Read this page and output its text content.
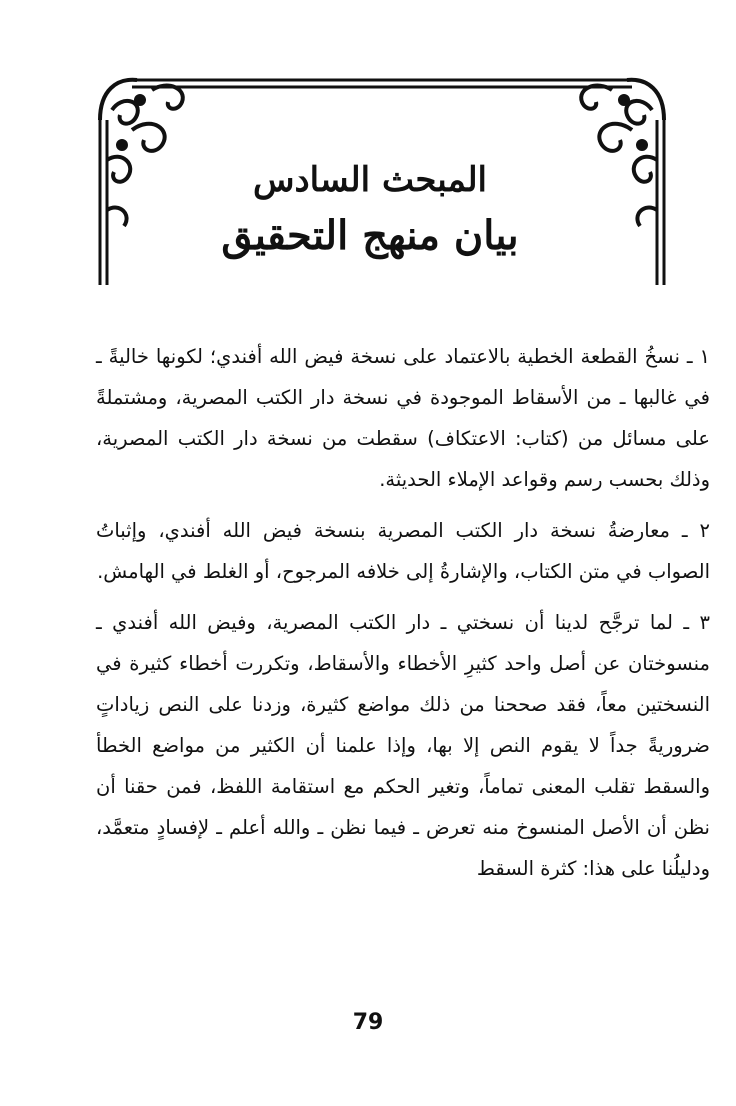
المبحث السادس
بيان منهج التحقيق

١ ـ نسخُ القطعة الخطية بالاعتماد على نسخة فيض الله أفندي؛ لكونها خاليةً ـ في غالبها ـ من الأسقاط الموجودة في نسخة دار الكتب المصرية، ومشتملةً على مسائل من (كتاب: الاعتكاف) سقطت من نسخة دار الكتب المصرية، وذلك بحسب رسم وقواعد الإملاء الحديثة.

٢ ـ معارضةُ نسخة دار الكتب المصرية بنسخة فيض الله أفندي، وإثباتُ الصواب في متن الكتاب، والإشارةُ إلى خلافه المرجوح، أو الغلط في الهامش.

٣ ـ لما ترجَّح لدينا أن نسختي ـ دار الكتب المصرية، وفيض الله أفندي ـ منسوختان عن أصل واحد كثيرِ الأخطاء والأسقاط، وتكررت أخطاء كثيرة في النسختين معاً، فقد صححنا من ذلك مواضع كثيرة، وزدنا على النص زياداتٍ ضروريةً جداً لا يقوم النص إلا بها، وإذا علمنا أن الكثير من مواضع الخطأ والسقط تقلب المعنى تماماً، وتغير الحكم مع استقامة اللفظ، فمن حقنا أن نظن أن الأصل المنسوخ منه تعرض ـ فيما نظن ـ والله أعلم ـ لإفسادٍ متعمَّد، ودليلُنا على هذا: كثرة السقط

79
